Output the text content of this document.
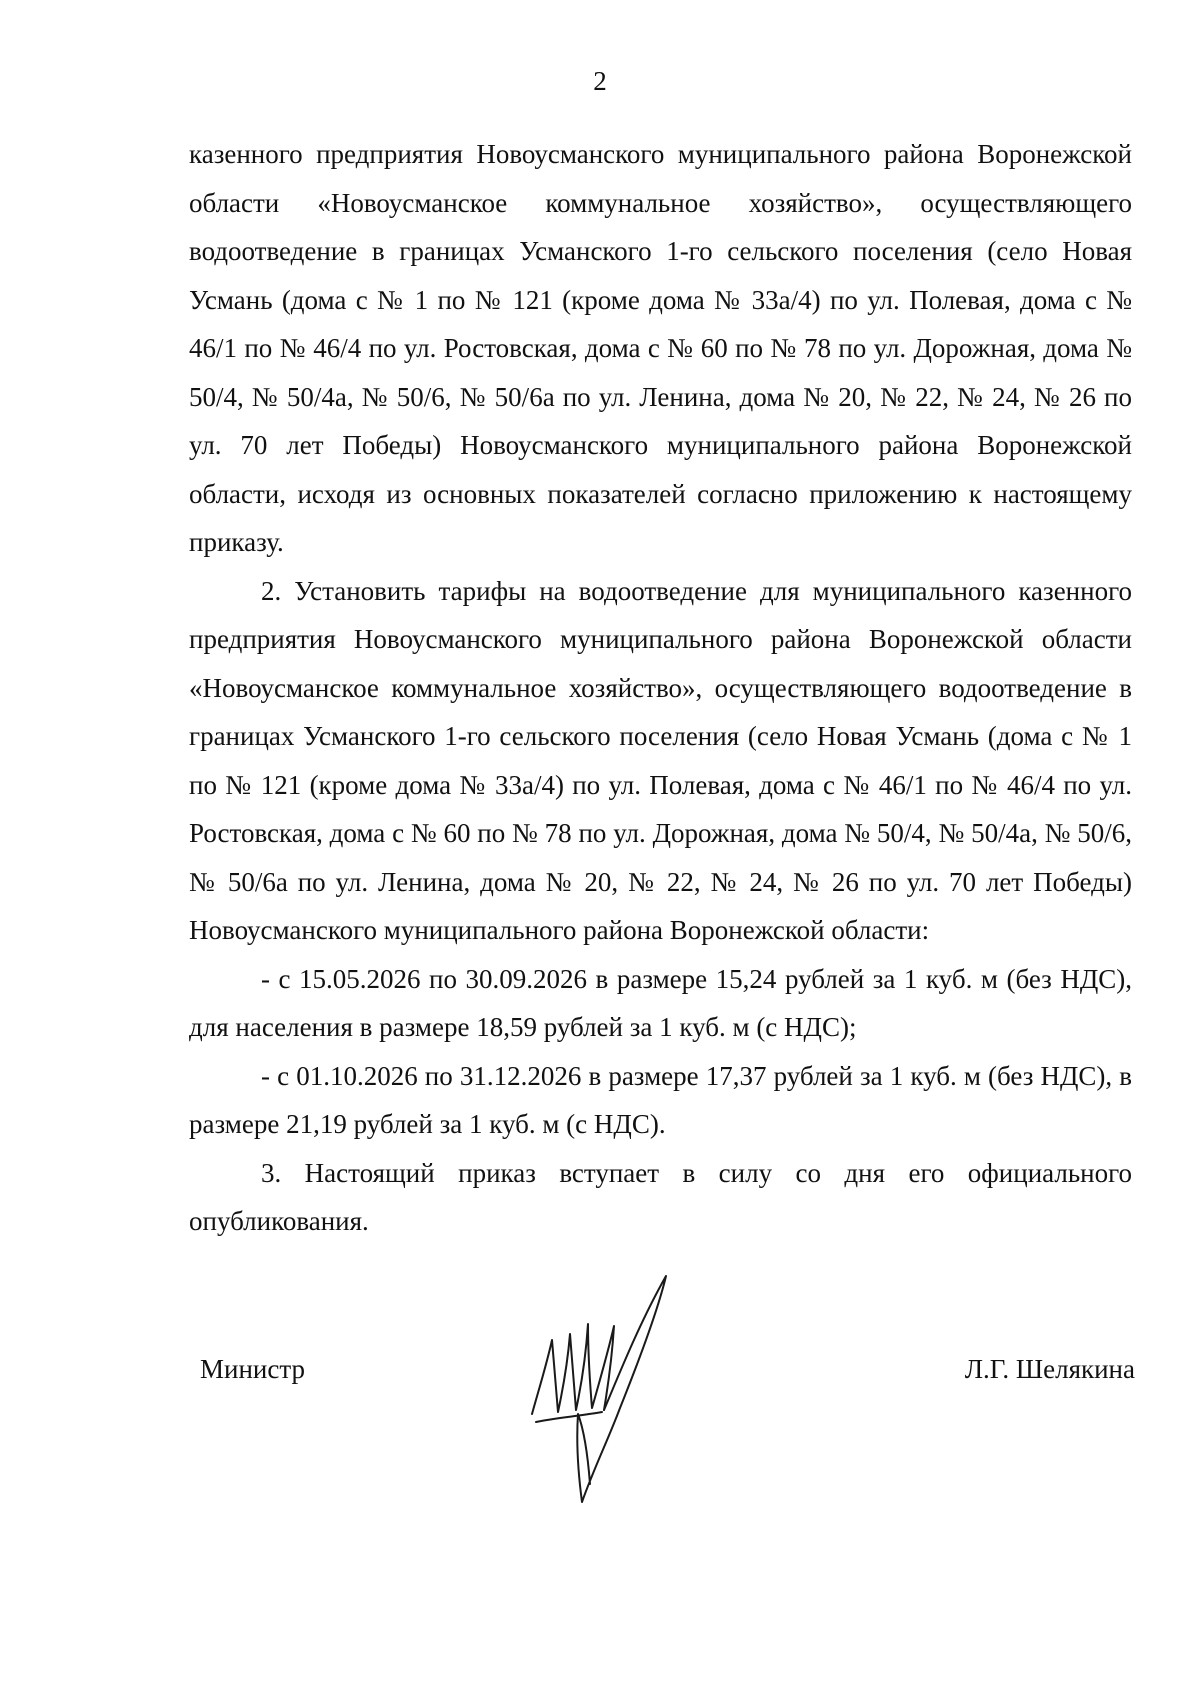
2

казенного предприятия Новоусманского муниципального района Воронежской области «Новоусманское коммунальное хозяйство», осуществляющего водоотведение в границах Усманского 1-го сельского поселения (село Новая Усмань (дома с № 1 по № 121 (кроме дома № 33а/4) по ул. Полевая, дома с № 46/1 по № 46/4 по ул. Ростовская, дома с № 60 по № 78 по ул. Дорожная, дома № 50/4, № 50/4а, № 50/6, № 50/6а по ул. Ленина, дома № 20, № 22, № 24, № 26 по ул. 70 лет Победы) Новоусманского муниципального района Воронежской области, исходя из основных показателей согласно приложению к настоящему приказу.

2. Установить тарифы на водоотведение для муниципального казенного предприятия Новоусманского муниципального района Воронежской области «Новоусманское коммунальное хозяйство», осуществляющего водоотведение в границах Усманского 1-го сельского поселения (село Новая Усмань (дома с № 1 по № 121 (кроме дома № 33а/4) по ул. Полевая, дома с № 46/1 по № 46/4 по ул. Ростовская, дома с № 60 по № 78 по ул. Дорожная, дома № 50/4, № 50/4а, № 50/6, № 50/6а по ул. Ленина, дома № 20, № 22, № 24, № 26 по ул. 70 лет Победы) Новоусманского муниципального района Воронежской области:

- с 15.05.2026 по 30.09.2026 в размере 15,24 рублей за 1 куб. м (без НДС), для населения в размере 18,59 рублей за 1 куб. м (с НДС);

- с 01.10.2026 по 31.12.2026 в размере 17,37 рублей за 1 куб. м (без НДС), в размере 21,19 рублей за 1 куб. м (с НДС).

3. Настоящий приказ вступает в силу со дня его официального опубликования.

Министр	Л.Г. Шелякина
